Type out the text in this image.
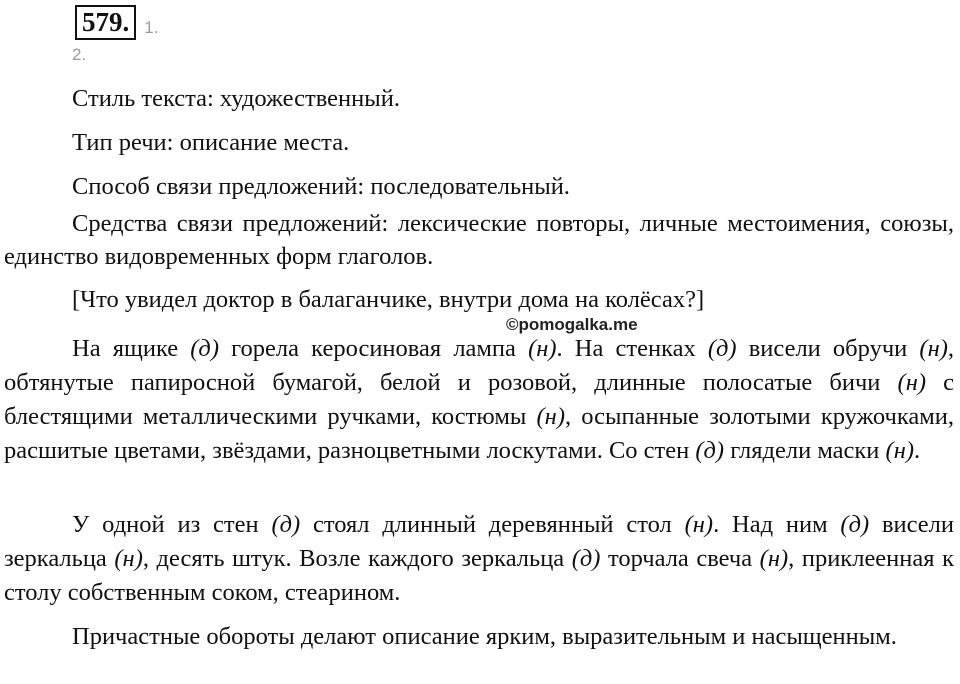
579. 1.
2.
Стиль текста: художественный.
Тип речи: описание места.
Способ связи предложений: последовательный.
Средства связи предложений: лексические повторы, личные местоимения, союзы, единство видовременных форм глаголов.
[Что увидел доктор в балаганчике, внутри дома на колёсах?]
©pomogalka.me
На ящике (д) горела керосиновая лампа (н). На стенках (д) висели обручи (н), обтянутые папиросной бумагой, белой и розовой, длинные полосатые бичи (н) с блестящими металлическими ручками, костюмы (н), осыпанные золотыми кружочками, расшитые цветами, звёздами, разноцветными лоскутами. Со стен (д) глядели маски (н).
У одной из стен (д) стоял длинный деревянный стол (н). Над ним (д) висели зеркальца (н), десять штук. Возле каждого зеркальца (д) торчала свеча (н), приклеенная к столу собственным соком, стеарином.
Причастные обороты делают описание ярким, выразительным и насыщенным.
